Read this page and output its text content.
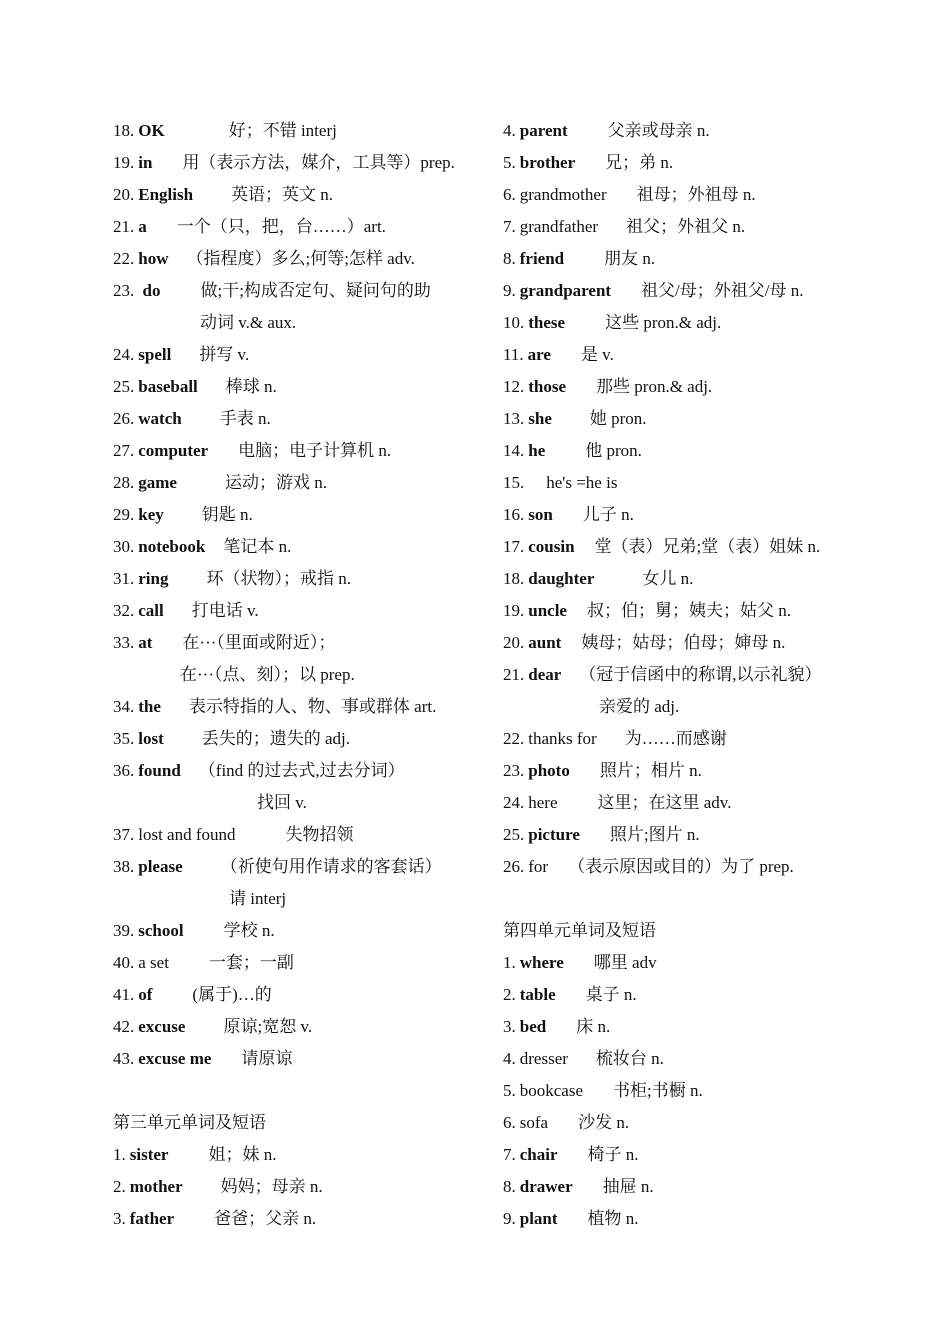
18. OK	好；不错 interj
19. in 用（表示方法，媒介，工具等）prep.
20. English 英语；英文 n.
21. a 一个（只，把，台……）art.
22. how （指程度）多么;何等;怎样 adv.
23. do 做;干;构成否定句、疑问句的助
动词 v.& aux.
24. spell 拼写 v.
25. baseball 棒球 n.
26. watch 手表 n.
27. computer 电脑；电子计算机 n.
28. game	运动；游戏 n.
29. key 钥匙 n.
30. notebook 笔记本 n.
31. ring 环（状物）；戒指 n.
32. call 打电话 v.
33. at 在···（里面或附近）；
在···（点、刻）；以 prep.
34. the 表示特指的人、物、事或群体 art.
35. lost 丢失的；遗失的 adj.
36. found （find 的过去式,过去分词）
找回 v.
37. lost and found	失物招领
38. please （祈使句用作请求的客套话）
请 interj
39. school 学校 n.
40. a set 一套；一副
41. of (属于)…的
42. excuse 原谅;宽恕 v.
43. excuse me 请原谅
第三单元单词及短语
1. sister 姐；妹 n.
2. mother 妈妈；母亲 n.
3. father 爸爸；父亲 n.
4. parent 父亲或母亲 n.
5. brother 兄；弟 n.
6. grandmother 祖母；外祖母 n.
7. grandfather 祖父；外祖父 n.
8. friend 朋友 n.
9. grandparent 祖父/母；外祖父/母 n.
10. these 这些 pron.& adj.
11. are 是 v.
12. those 那些 pron.& adj.
13. she 她 pron.
14. he 他 pron.
15. he's =he is
16. son 儿子 n.
17. cousin 堂（表）兄弟;堂（表）姐妹 n.
18. daughter	女儿 n.
19. uncle 叔；伯；舅；姨夫；姑父 n.
20. aunt 姨母；姑母；伯母；婶母 n.
21. dear （冠于信函中的称谓,以示礼貌）
亲爱的 adj.
22. thanks for 为……而感谢
23. photo 照片；相片 n.
24. here 这里；在这里 adv.
25. picture 照片;图片 n.
26. for （表示原因或目的）为了 prep.
第四单元单词及短语
1. where 哪里 adv
2. table 桌子 n.
3. bed 床 n.
4. dresser 梳妆台 n.
5. bookcase 书柜;书橱 n.
6. sofa 沙发 n.
7. chair 椅子 n.
8. drawer 抽屉 n.
9. plant 植物 n.
